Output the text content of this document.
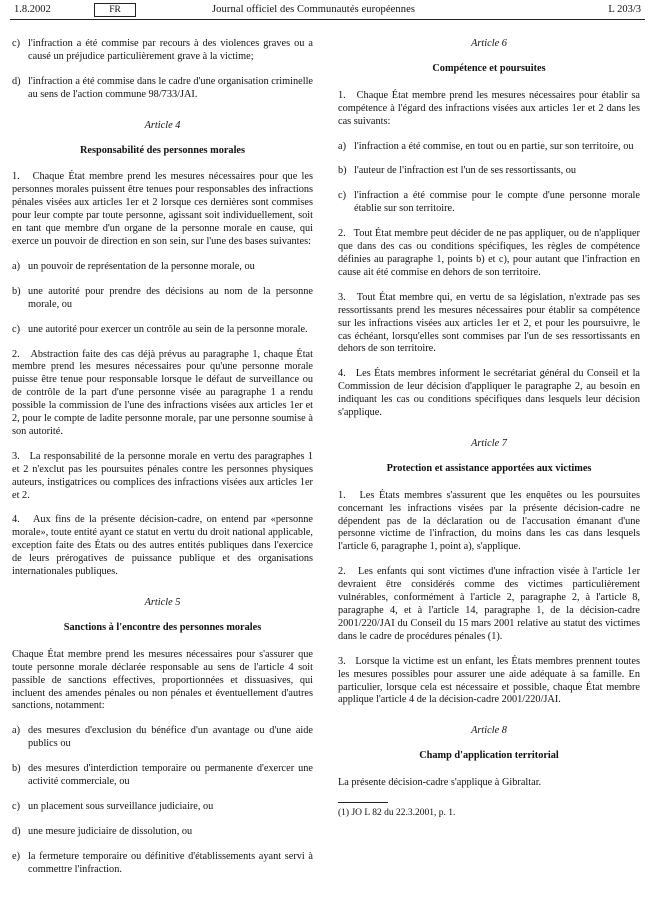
1.8.2002	FR	Journal officiel des Communautés européennes	L 203/3
c) l'infraction a été commise par recours à des violences graves ou a causé un préjudice particulièrement grave à la victime;
d) l'infraction a été commise dans le cadre d'une organisation criminelle au sens de l'action commune 98/733/JAI.
Article 4
Responsabilité des personnes morales

1.   Chaque État membre prend les mesures nécessaires pour que les personnes morales puissent être tenues pour responsables des infractions pénales visées aux articles 1er et 2 lorsque ces dernières sont commises pour leur compte par toute personne, agissant soit individuellement, soit en tant que membre d'un organe de la personne morale en cause, qui exerce un pouvoir de direction en son sein, sur l'une des bases suivantes:

a) un pouvoir de représentation de la personne morale, ou
b) une autorité pour prendre des décisions au nom de la personne morale, ou
c) une autorité pour exercer un contrôle au sein de la personne morale.

2.   Abstraction faite des cas déjà prévus au paragraphe 1, chaque État membre prend les mesures nécessaires pour qu'une personne morale puisse être tenue pour responsable lorsque le défaut de surveillance ou de contrôle de la part d'une personne visée au paragraphe 1 a rendu possible la commission de l'une des infractions visées aux articles 1er et 2, pour le compte de ladite personne morale, par une personne soumise à son autorité.

3.   La responsabilité de la personne morale en vertu des paragraphes 1 et 2 n'exclut pas les poursuites pénales contre les personnes physiques auteurs, instigatrices ou complices des infractions visées aux articles 1er et 2.

4.   Aux fins de la présente décision-cadre, on entend par «personne morale», toute entité ayant ce statut en vertu du droit national applicable, exception faite des États ou des autres entités publiques dans l'exercice de leurs prérogatives de puissance publique et des organisations internationales publiques.

Article 5
Sanctions à l'encontre des personnes morales

Chaque État membre prend les mesures nécessaires pour s'assurer que toute personne morale déclarée responsable au sens de l'article 4 soit passible de sanctions effectives, proportionnées et dissuasives, qui incluent des amendes pénales ou non pénales et éventuellement d'autres sanctions, notamment:

a) des mesures d'exclusion du bénéfice d'un avantage ou d'une aide publics ou
b) des mesures d'interdiction temporaire ou permanente d'exercer une activité commerciale, ou
c) un placement sous surveillance judiciaire, ou
d) une mesure judiciaire de dissolution, ou
e) la fermeture temporaire ou définitive d'établissements ayant servi à commettre l'infraction.
Article 6
Compétence et poursuites

1.   Chaque État membre prend les mesures nécessaires pour établir sa compétence à l'égard des infractions visées aux articles 1er et 2 dans les cas suivants:

a) l'infraction a été commise, en tout ou en partie, sur son territoire, ou
b) l'auteur de l'infraction est l'un de ses ressortissants, ou
c) l'infraction a été commise pour le compte d'une personne morale établie sur son territoire.

2.   Tout État membre peut décider de ne pas appliquer, ou de n'appliquer que dans des cas ou conditions spécifiques, les règles de compétence définies au paragraphe 1, points b) et c), pour autant que l'infraction en cause ait été commise en dehors de son territoire.

3.   Tout État membre qui, en vertu de sa législation, n'extrade pas ses ressortissants prend les mesures nécessaires pour établir sa compétence sur les infractions visées aux articles 1er et 2, et pour les poursuivre, le cas échéant, lorsqu'elles sont commises par l'un de ses ressortissants en dehors de son territoire.

4.   Les États membres informent le secrétariat général du Conseil et la Commission de leur décision d'appliquer le paragraphe 2, au besoin en indiquant les cas ou conditions spécifiques dans lesquels leur décision s'applique.

Article 7
Protection et assistance apportées aux victimes

1.   Les États membres s'assurent que les enquêtes ou les poursuites concernant les infractions visées par la présente décision-cadre ne dépendent pas de la déclaration ou de l'accusation émanant d'une personne victime de l'infraction, du moins dans les cas dans lesquels l'article 6, paragraphe 1, point a), s'applique.

2.   Les enfants qui sont victimes d'une infraction visée à l'article 1er devraient être considérés comme des victimes particulièrement vulnérables, conformément à l'article 2, paragraphe 2, à l'article 8, paragraphe 4, et à l'article 14, paragraphe 1, de la décision-cadre 2001/220/JAI du Conseil du 15 mars 2001 relative au statut des victimes dans le cadre de procédures pénales (1).

3.   Lorsque la victime est un enfant, les États membres prennent toutes les mesures possibles pour assurer une aide adéquate à sa famille. En particulier, lorsque cela est nécessaire et possible, chaque État membre applique l'article 4 de la décision-cadre 2001/220/JAI.

Article 8
Champ d'application territorial

La présente décision-cadre s'applique à Gibraltar.

(1) JO L 82 du 22.3.2001, p. 1.
